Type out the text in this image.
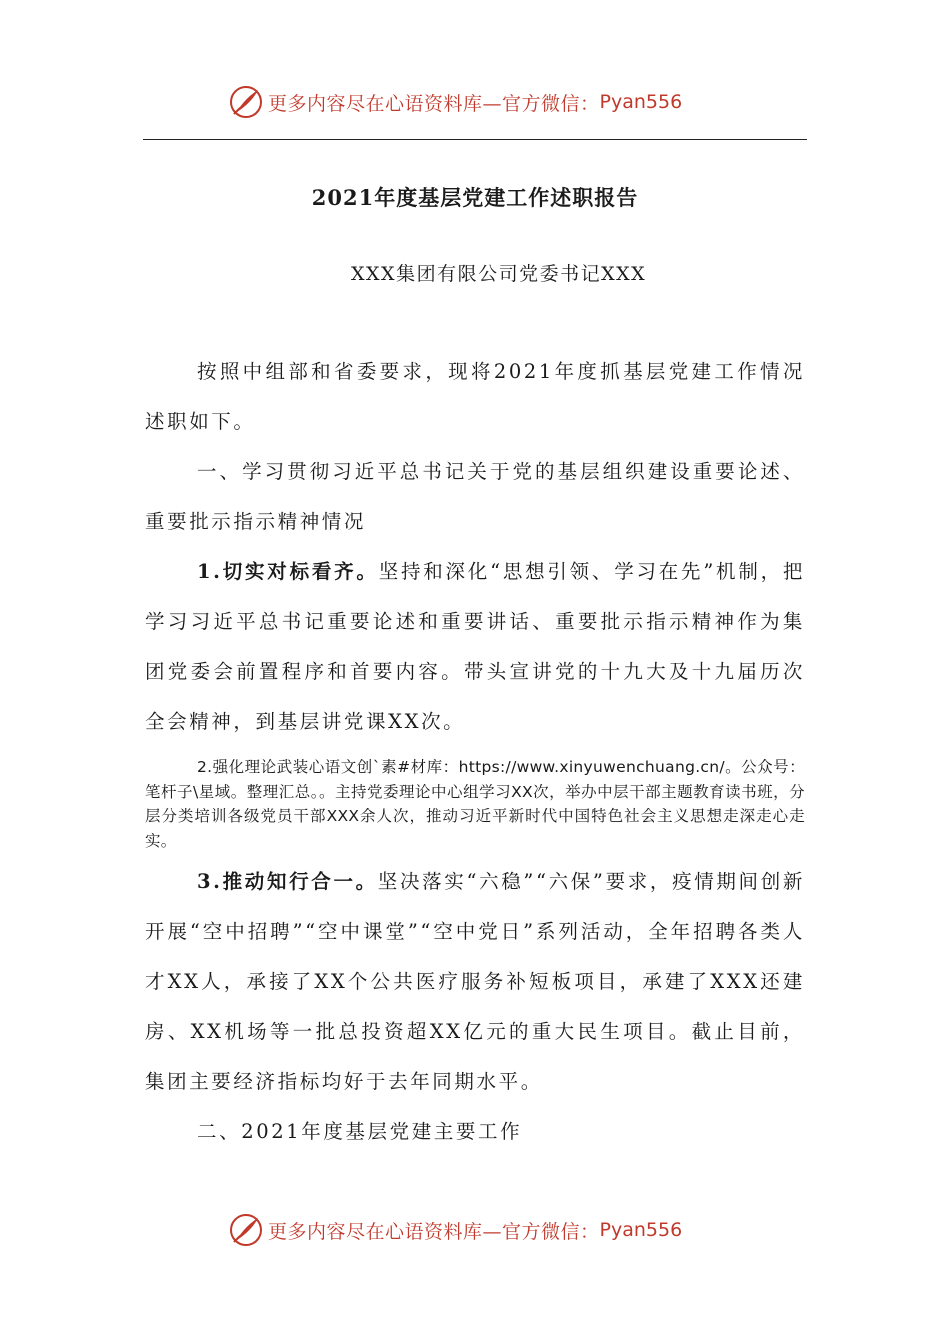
更多内容尽在心语资料库—官方微信： Pyan556
2021年度基层党建工作述职报告
XXX集团有限公司党委书记XXX

按照中组部和省委要求，现将2021年度抓基层党建工作情况述职如下。

一、学习贯彻习近平总书记关于党的基层组织建设重要论述、重要批示指示精神情况

1.切实对标看齐。坚持和深化“思想引领、学习在先”机制，把学习习近平总书记重要论述和重要讲话、重要批示指示精神作为集团党委会前置程序和首要内容。带头宣讲党的十九大及十九届历次全会精神，到基层讲党课XX次。

2.强化理论武装心语文创`素#材库：https://www.xinyuwenchuang.cn/。公众号：笔杆子\星域。整理汇总。。主持党委理论中心组学习XX次，举办中层干部主题教育读书班，分层分类培训各级党员干部XXX余人次，推动习近平新时代中国特色社会主义思想走深走心走实。

3.推动知行合一。坚决落实“六稳”“六保”要求，疫情期间创新开展“空中招聘”“空中课堂”“空中党日”系列活动，全年招聘各类人才XX人，承接了XX个公共医疗服务补短板项目，承建了XXX还建房、XX机场等一批总投资超XX亿元的重大民生项目。截止目前，集团主要经济指标均好于去年同期水平。

二、2021年度基层党建主要工作

更多内容尽在心语资料库—官方微信： Pyan556
